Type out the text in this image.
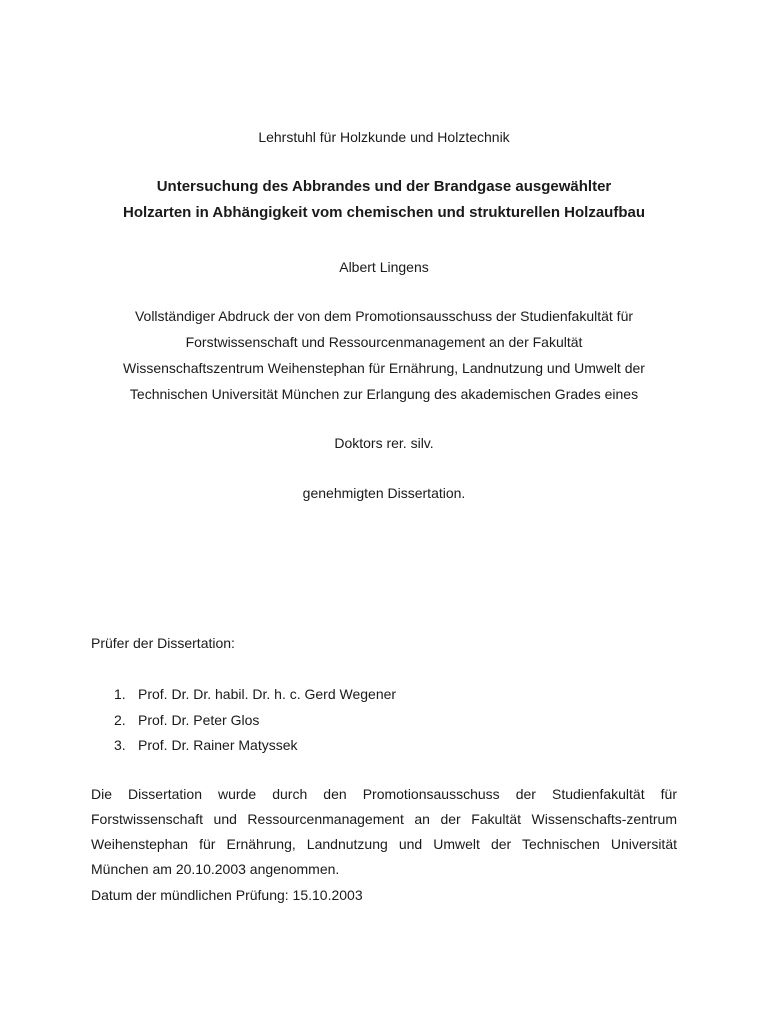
Lehrstuhl für Holzkunde und Holztechnik
Untersuchung des Abbrandes und der Brandgase ausgewählter
Holzarten in Abhängigkeit vom chemischen und strukturellen Holzaufbau
Albert Lingens
Vollständiger Abdruck der von dem Promotionsausschuss der Studienfakultät für
Forstwissenschaft und Ressourcenmanagement an der Fakultät
Wissenschaftszentrum Weihenstephan für Ernährung, Landnutzung und Umwelt der
Technischen Universität München zur Erlangung des akademischen Grades eines
Doktors rer. silv.
genehmigten Dissertation.
Prüfer der Dissertation:
1. Prof. Dr. Dr. habil. Dr. h. c. Gerd Wegener
2. Prof. Dr. Peter Glos
3. Prof. Dr. Rainer Matyssek
Die Dissertation wurde durch den Promotionsausschuss der Studienfakultät für Forstwissenschaft und Ressourcenmanagement an der Fakultät Wissenschafts-zentrum Weihenstephan für Ernährung, Landnutzung und Umwelt der Technischen Universität München am 20.10.2003 angenommen.
Datum der mündlichen Prüfung: 15.10.2003
